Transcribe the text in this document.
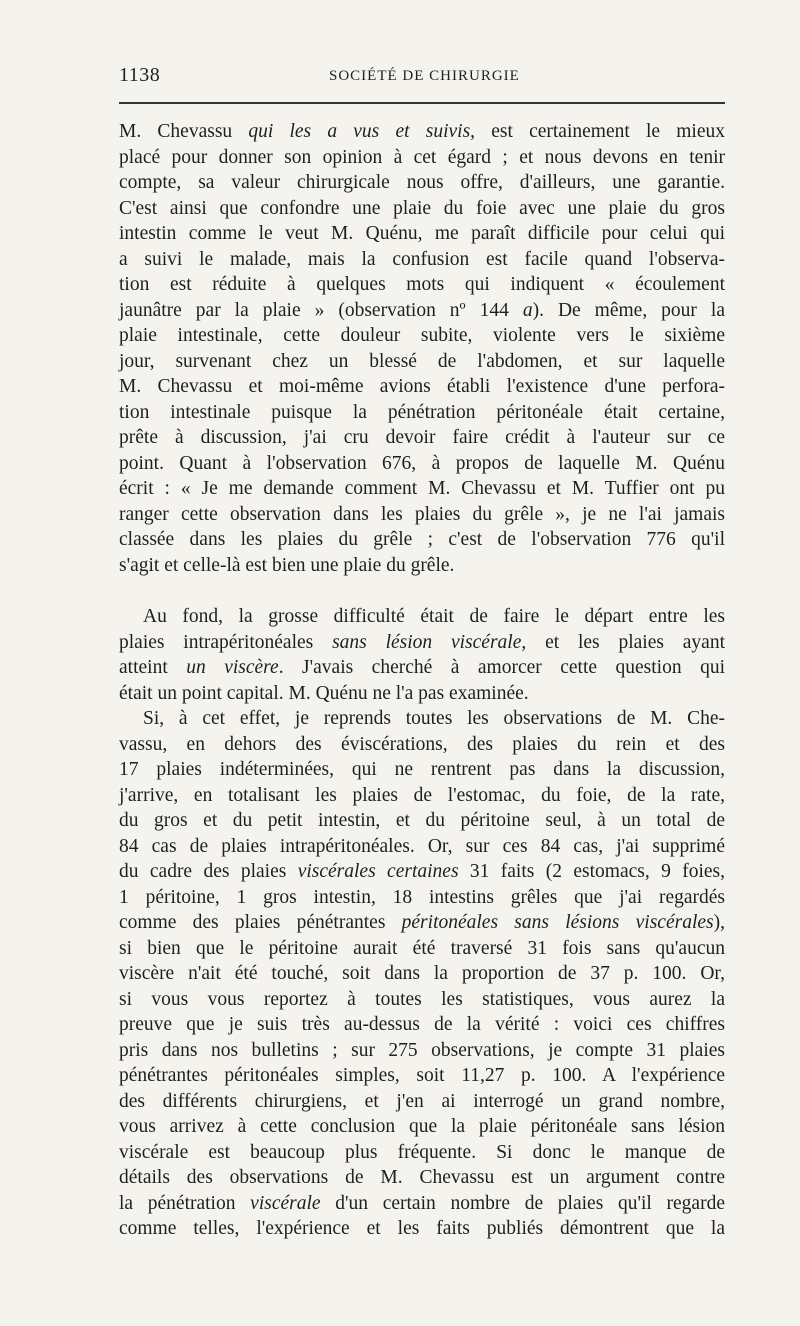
1138	SOCIÉTÉ DE CHIRURGIE

M. Chevassu qui les a vus et suivis, est certainement le mieux

placé pour donner son opinion à cet égard ; et nous devons en tenir

compte, sa valeur chirurgicale nous offre, d'ailleurs, une garantie.

C'est ainsi que confondre une plaie du foie avec une plaie du gros

intestin comme le veut M. Quénu, me paraît difficile pour celui qui

a suivi le malade, mais la confusion est facile quand l'observa-

tion est réduite à quelques mots qui indiquent « écoulement

jaunâtre par la plaie » (observation nº 144 a). De même, pour la

plaie intestinale, cette douleur subite, violente vers le sixième

jour, survenant chez un blessé de l'abdomen, et sur laquelle

M. Chevassu et moi-même avions établi l'existence d'une perfora-

tion intestinale puisque la pénétration péritonéale était certaine,

prête à discussion, j'ai cru devoir faire crédit à l'auteur sur ce

point. Quant à l'observation 676, à propos de laquelle M. Quénu

écrit : « Je me demande comment M. Chevassu et M. Tuffier ont pu

ranger cette observation dans les plaies du grêle », je ne l'ai jamais

classée dans les plaies du grêle ; c'est de l'observation 776 qu'il

s'agit et celle-là est bien une plaie du grêle.

Au fond, la grosse difficulté était de faire le départ entre les

plaies intrapéritonéales sans lésion viscérale, et les plaies ayant

atteint un viscère. J'avais cherché à amorcer cette question qui

était un point capital. M. Quénu ne l'a pas examinée.

Si, à cet effet, je reprends toutes les observations de M. Che-

vassu, en dehors des éviscérations, des plaies du rein et des

17 plaies indéterminées, qui ne rentrent pas dans la discussion,

j'arrive, en totalisant les plaies de l'estomac, du foie, de la rate,

du gros et du petit intestin, et du péritoine seul, à un total de

84 cas de plaies intrapéritonéales. Or, sur ces 84 cas, j'ai supprimé

du cadre des plaies viscérales certaines 31 faits (2 estomacs, 9 foies,

1 péritoine, 1 gros intestin, 18 intestins grêles que j'ai regardés

comme des plaies pénétrantes péritonéales sans lésions viscérales),

si bien que le péritoine aurait été traversé 31 fois sans qu'aucun

viscère n'ait été touché, soit dans la proportion de 37 p. 100. Or,

si vous vous reportez à toutes les statistiques, vous aurez la

preuve que je suis très au-dessus de la vérité : voici ces chiffres

pris dans nos bulletins ; sur 275 observations, je compte 31 plaies

pénétrantes péritonéales simples, soit 11,27 p. 100. A l'expérience

des différents chirurgiens, et j'en ai interrogé un grand nombre,

vous arrivez à cette conclusion que la plaie péritonéale sans lésion

viscérale est beaucoup plus fréquente. Si donc le manque de

détails des observations de M. Chevassu est un argument contre

la pénétration viscérale d'un certain nombre de plaies qu'il regarde

comme telles, l'expérience et les faits publiés démontrent que la
